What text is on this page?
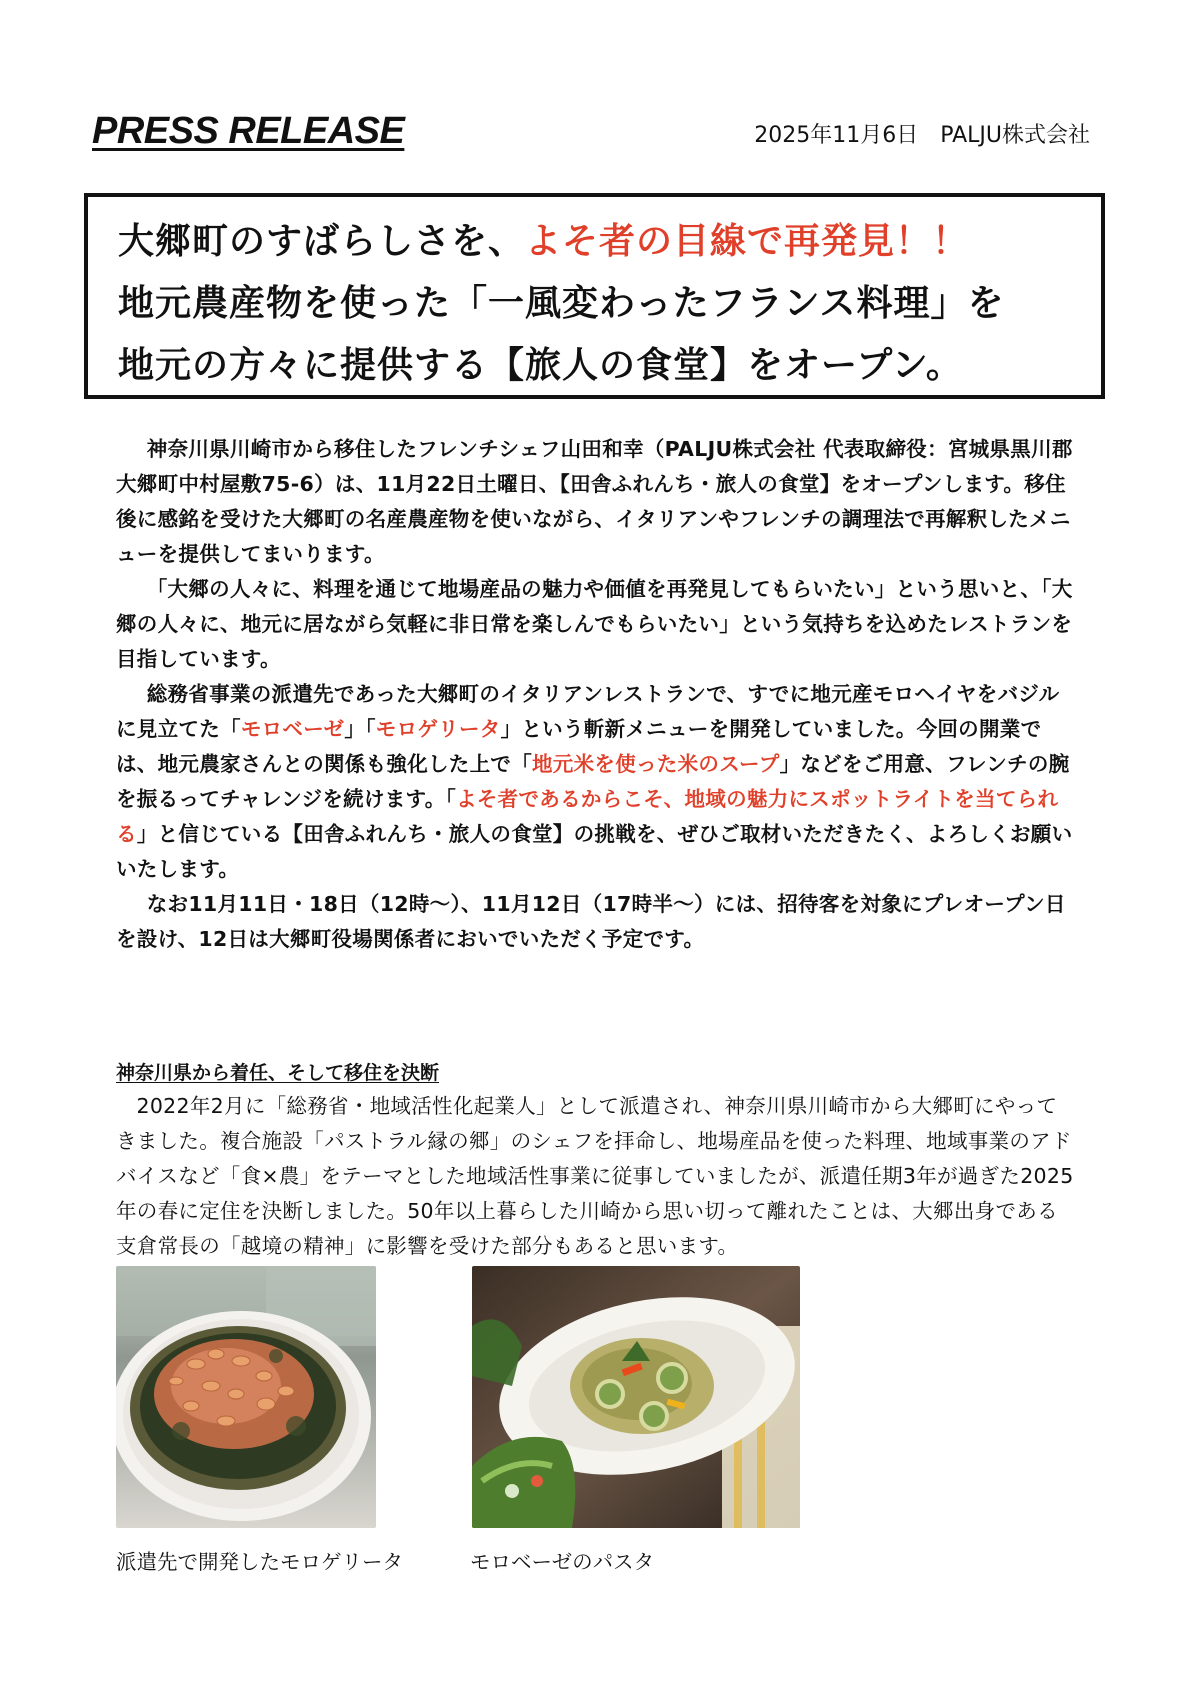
PRESS RELEASE	2025年11月6日　PALJU株式会社
大郷町のすばらしさを、よそ者の目線で再発見！！
地元農産物を使った「一風変わったフランス料理」を
地元の方々に提供する【旅人の食堂】をオープン。

神奈川県川崎市から移住したフレンチシェフ山田和幸（PALJU株式会社 代表取締役：宮城県黒川郡大郷町中村屋敷75-6）は、11月22日土曜日、【田舎ふれんち・旅人の食堂】をオープンします。移住後に感銘を受けた大郷町の名産農産物を使いながら、イタリアンやフレンチの調理法で再解釈したメニューを提供してまいります。

「大郷の人々に、料理を通じて地場産品の魅力や価値を再発見してもらいたい」という思いと、「大郷の人々に、地元に居ながら気軽に非日常を楽しんでもらいたい」という気持ちを込めたレストランを目指しています。

総務省事業の派遣先であった大郷町のイタリアンレストランで、すでに地元産モロヘイヤをバジルに見立てた「モロベーゼ」「モロゲリータ」という斬新メニューを開発していました。今回の開業では、地元農家さんとの関係も強化した上で「地元米を使った米のスープ」などをご用意、フレンチの腕を振るってチャレンジを続けます。「よそ者であるからこそ、地域の魅力にスポットライトを当てられる」と信じている【田舎ふれんち・旅人の食堂】の挑戦を、ぜひご取材いただきたく、よろしくお願いいたします。

なお11月11日・18日（12時〜）、11月12日（17時半〜）には、招待客を対象にプレオープン日を設け、12日は大郷町役場関係者においでいただく予定です。

神奈川県から着任、そして移住を決断

2022年2月に「総務省・地域活性化起業人」として派遣され、神奈川県川崎市から大郷町にやってきました。複合施設「パストラル縁の郷」のシェフを拝命し、地場産品を使った料理、地域事業のアドバイスなど「食×農」をテーマとした地域活性事業に従事していましたが、派遣任期3年が過ぎた2025年の春に定住を決断しました。50年以上暮らした川崎から思い切って離れたことは、大郷出身である支倉常長の「越境の精神」に影響を受けた部分もあると思います。

派遣先で開発したモロゲリータ	モロベーゼのパスタ
